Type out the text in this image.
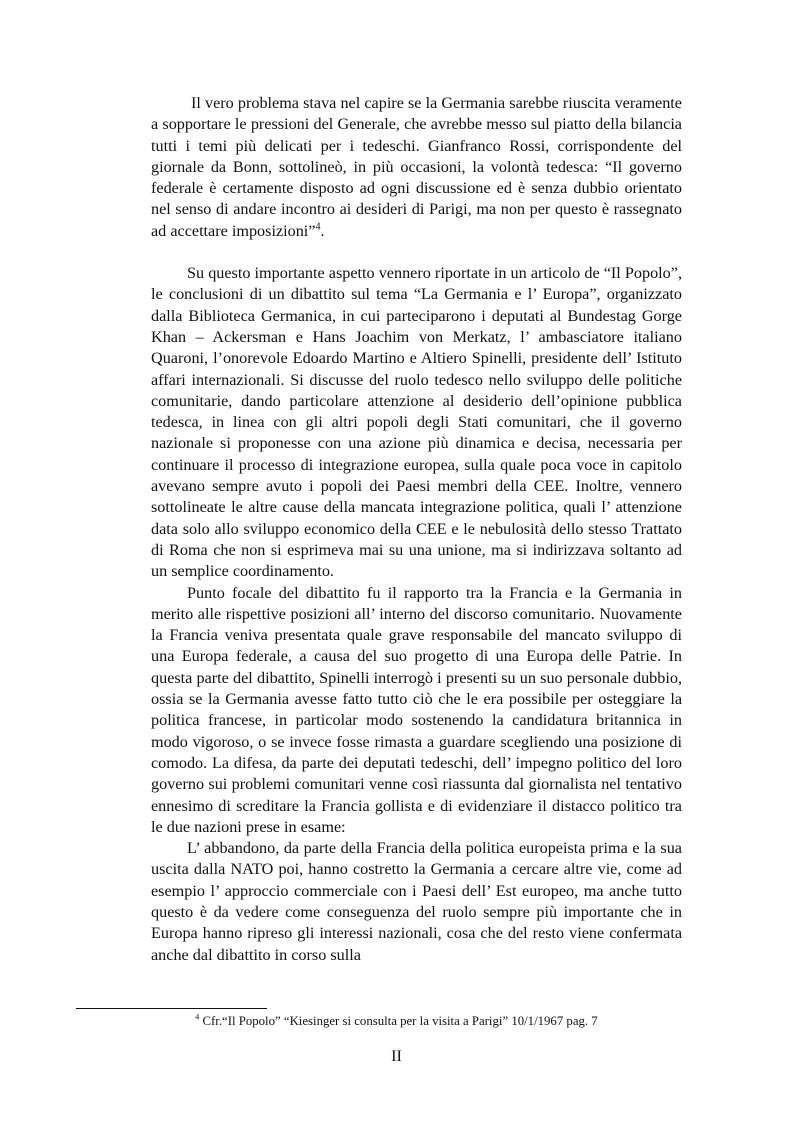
Il vero problema stava nel capire se la Germania sarebbe riuscita veramente a sopportare le pressioni del Generale, che avrebbe messo sul piatto della bilancia tutti i temi più delicati per i tedeschi. Gianfranco Rossi, corrispondente del giornale da Bonn, sottolineò, in più occasioni, la volontà tedesca: “Il governo federale è certamente disposto ad ogni discussione ed è senza dubbio orientato nel senso di andare incontro ai desideri di Parigi, ma non per questo è rassegnato ad accettare imposizioni”$^4$.

Su questo importante aspetto vennero riportate in un articolo de “Il Popolo”, le conclusioni di un dibattito sul tema “La Germania e l’ Europa”, organizzato dalla Biblioteca Germanica, in cui parteciparono i deputati al Bundestag Gorge Khan – Ackersman e Hans Joachim von Merkatz, l’ ambasciatore italiano Quaroni, l’onorevole Edoardo Martino e Altiero Spinelli, presidente dell’ Istituto affari internazionali. Si discusse del ruolo tedesco nello sviluppo delle politiche comunitarie, dando particolare attenzione al desiderio dell’opinione pubblica tedesca, in linea con gli altri popoli degli Stati comunitari, che il governo nazionale si proponesse con una azione più dinamica e decisa, necessaria per continuare il processo di integrazione europea, sulla quale poca voce in capitolo avevano sempre avuto i popoli dei Paesi membri della CEE. Inoltre, vennero sottolineate le altre cause della mancata integrazione politica, quali l’ attenzione data solo allo sviluppo economico della CEE e le nebulosità dello stesso Trattato di Roma che non si esprimeva mai su una unione, ma si indirizzava soltanto ad un semplice coordinamento.

Punto focale del dibattito fu il rapporto tra la Francia e la Germania in merito alle rispettive posizioni all’ interno del discorso comunitario. Nuovamente la Francia veniva presentata quale grave responsabile del mancato sviluppo di una Europa federale, a causa del suo progetto di una Europa delle Patrie. In questa parte del dibattito, Spinelli interrogò i presenti su un suo personale dubbio, ossia se la Germania avesse fatto tutto ciò che le era possibile per osteggiare la politica francese, in particolar modo sostenendo la candidatura britannica in modo vigoroso, o se invece fosse rimasta a guardare scegliendo una posizione di comodo. La difesa, da parte dei deputati tedeschi, dell’ impegno politico del loro governo sui problemi comunitari venne così riassunta dal giornalista nel tentativo ennesimo di screditare la Francia gollista e di evidenziare il distacco politico tra le due nazioni prese in esame:

L’ abbandono, da parte della Francia della politica europeista prima e la sua uscita dalla NATO poi, hanno costretto la Germania a cercare altre vie, come ad esempio l’ approccio commerciale con i Paesi dell’ Est europeo, ma anche tutto questo è da vedere come conseguenza del ruolo sempre più importante che in Europa hanno ripreso gli interessi nazionali, cosa che del resto viene confermata anche dal dibattito in corso sulla

$^4$ Cfr.“Il Popolo” “Kiesinger si consulta per la visita a Parigi” 10/1/1967 pag. 7
II
